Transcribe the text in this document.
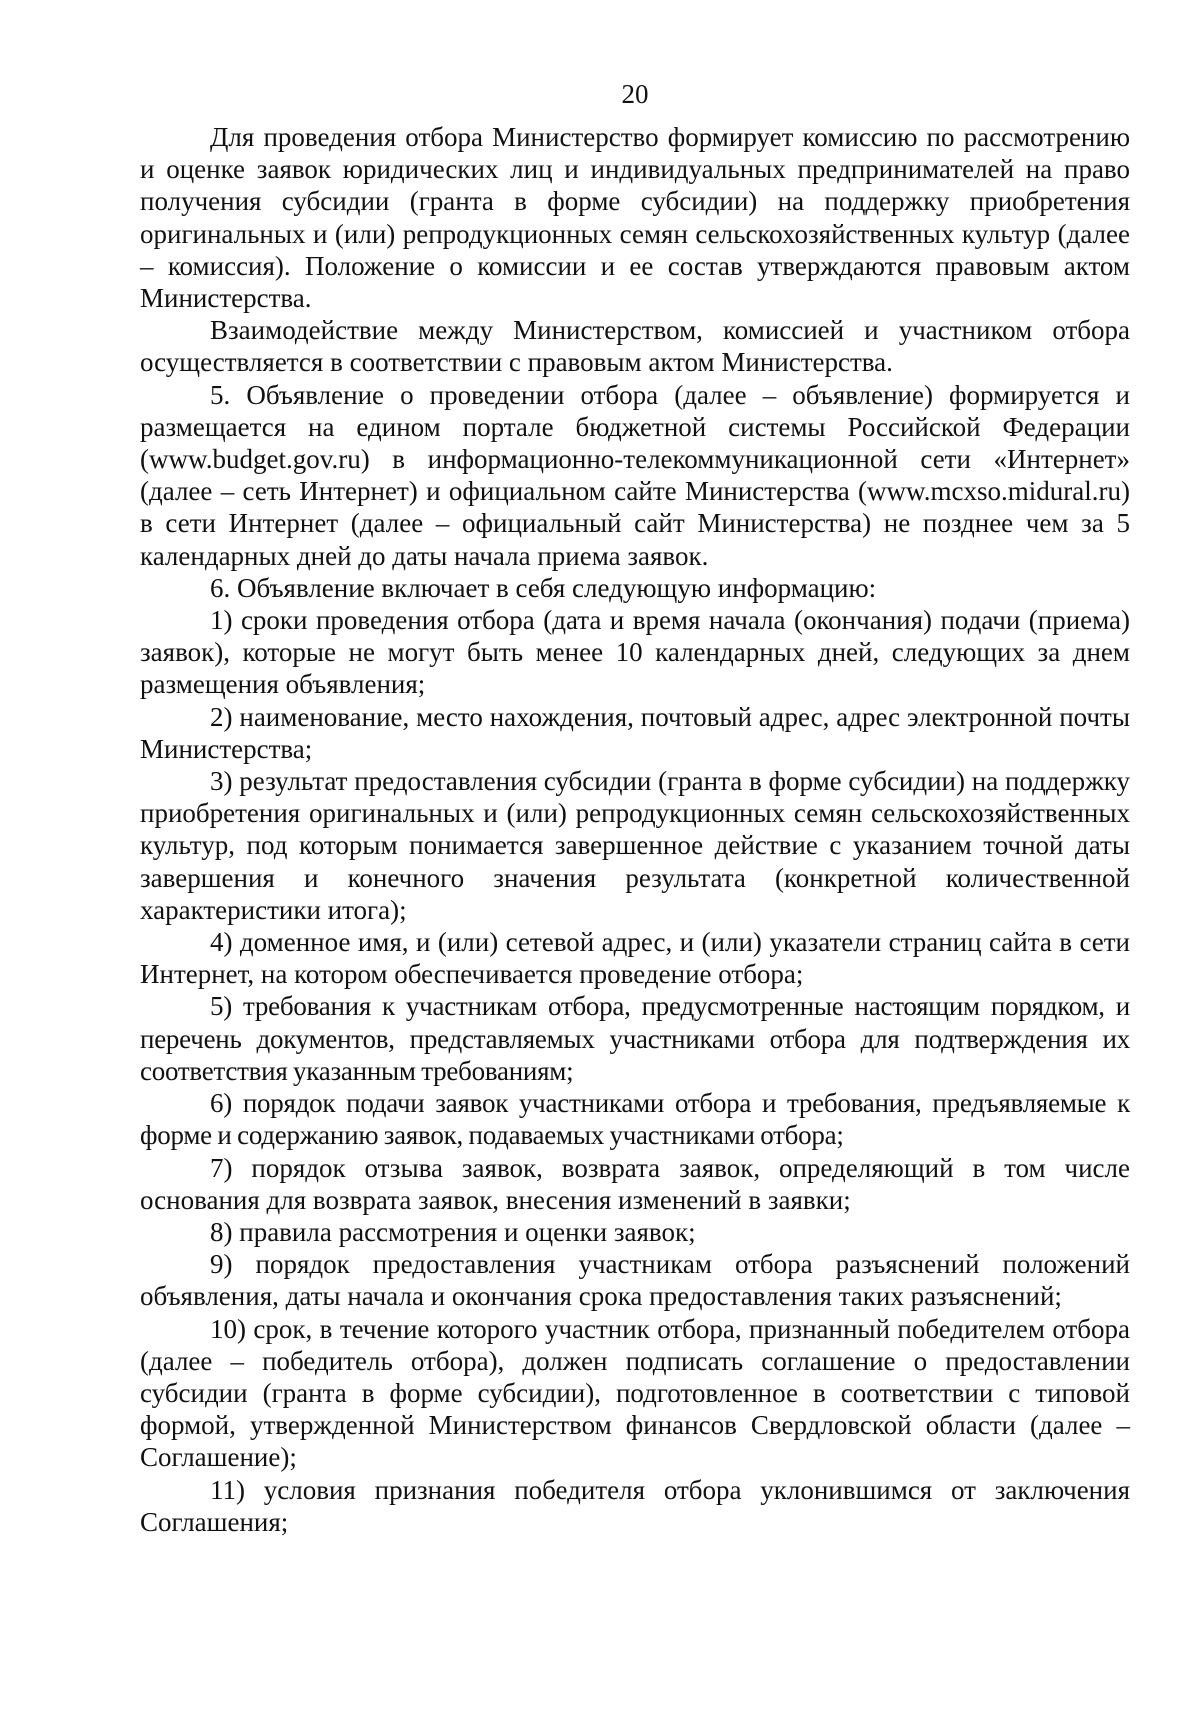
20

Для проведения отбора Министерство формирует комиссию по рассмотрению и оценке заявок юридических лиц и индивидуальных предпринимателей на право получения субсидии (гранта в форме субсидии) на поддержку приобретения оригинальных и (или) репродукционных семян сельскохозяйственных культур (далее – комиссия). Положение о комиссии и ее состав утверждаются правовым актом Министерства.

Взаимодействие между Министерством, комиссией и участником отбора осуществляется в соответствии с правовым актом Министерства.

5. Объявление о проведении отбора (далее – объявление) формируется и размещается на едином портале бюджетной системы Российской Федерации (www.budget.gov.ru) в информационно-телекоммуникационной сети «Интернет» (далее – сеть Интернет) и официальном сайте Министерства (www.mcxso.midural.ru) в сети Интернет (далее – официальный сайт Министерства) не позднее чем за 5 календарных дней до даты начала приема заявок.

6. Объявление включает в себя следующую информацию:

1) сроки проведения отбора (дата и время начала (окончания) подачи (приема) заявок), которые не могут быть менее 10 календарных дней, следующих за днем размещения объявления;

2) наименование, место нахождения, почтовый адрес, адрес электронной почты Министерства;

3) результат предоставления субсидии (гранта в форме субсидии) на поддержку приобретения оригинальных и (или) репродукционных семян сельскохозяйственных культур, под которым понимается завершенное действие с указанием точной даты завершения и конечного значения результата (конкретной количественной характеристики итога);

4) доменное имя, и (или) сетевой адрес, и (или) указатели страниц сайта в сети Интернет, на котором обеспечивается проведение отбора;

5) требования к участникам отбора, предусмотренные настоящим порядком, и перечень документов, представляемых участниками отбора для подтверждения их соответствия указанным требованиям;

6) порядок подачи заявок участниками отбора и требования, предъявляемые к форме и содержанию заявок, подаваемых участниками отбора;

7) порядок отзыва заявок, возврата заявок, определяющий в том числе основания для возврата заявок, внесения изменений в заявки;

8) правила рассмотрения и оценки заявок;

9) порядок предоставления участникам отбора разъяснений положений объявления, даты начала и окончания срока предоставления таких разъяснений;

10) срок, в течение которого участник отбора, признанный победителем отбора (далее – победитель отбора), должен подписать соглашение о предоставлении субсидии (гранта в форме субсидии), подготовленное в соответствии с типовой формой, утвержденной Министерством финансов Свердловской области (далее – Соглашение);

11) условия признания победителя отбора уклонившимся от заключения Соглашения;
